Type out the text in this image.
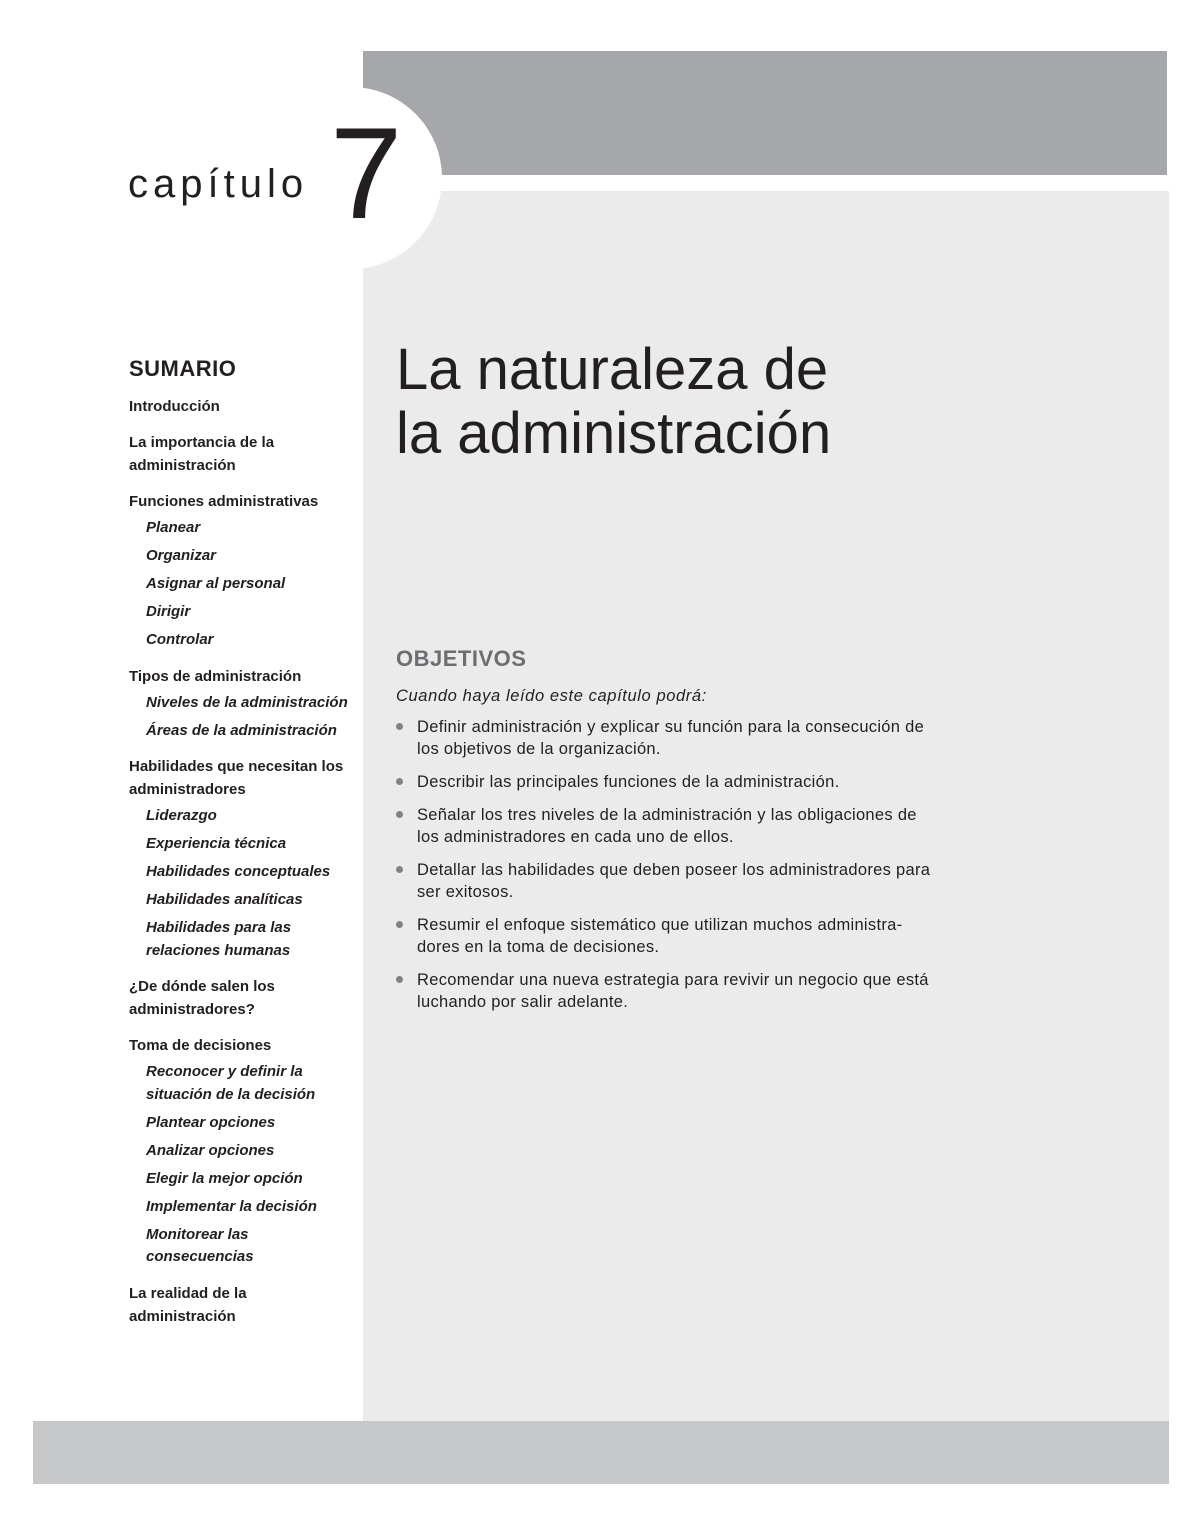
capítulo 7
La naturaleza de
la administración
SUMARIO
Introducción
La importancia de la
administración
Funciones administrativas
Planear
Organizar
Asignar al personal
Dirigir
Controlar
Tipos de administración
Niveles de la administración
Áreas de la administración
Habilidades que necesitan los
administradores
Liderazgo
Experiencia técnica
Habilidades conceptuales
Habilidades analíticas
Habilidades para las
relaciones humanas
¿De dónde salen los
administradores?
Toma de decisiones
Reconocer y definir la
situación de la decisión
Plantear opciones
Analizar opciones
Elegir la mejor opción
Implementar la decisión
Monitorear las
consecuencias
La realidad de la
administración
OBJETIVOS
Cuando haya leído este capítulo podrá:
Definir administración y explicar su función para la consecución de
los objetivos de la organización.
Describir las principales funciones de la administración.
Señalar los tres niveles de la administración y las obligaciones de
los administradores en cada uno de ellos.
Detallar las habilidades que deben poseer los administradores para
ser exitosos.
Resumir el enfoque sistemático que utilizan muchos administra-
dores en la toma de decisiones.
Recomendar una nueva estrategia para revivir un negocio que está
luchando por salir adelante.
